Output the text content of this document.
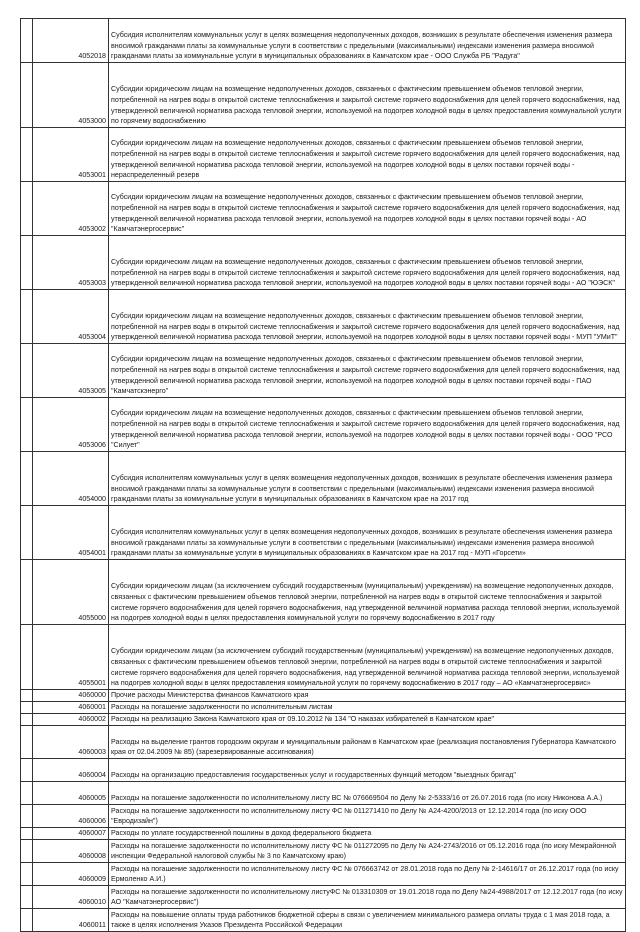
	4052018	Субсидия исполнителям коммунальных услуг в целях возмещения недополученных доходов, возникших в результате обеспечения изменения размера вносимой гражданами платы за коммунальные услуги в соответствии с предельными (максимальными) индексами изменения размера вносимой гражданами платы за коммунальные услуги в муниципальных образованиях в Камчатском крае - ООО Служба РБ "Радуга"
	4053000	Субсидии юридическим лицам на возмещение недополученных доходов, связанных с фактическим превышением объемов тепловой энергии, потребленной на нагрев воды в открытой системе теплоснабжения и закрытой системе горячего водоснабжения для целей горячего водоснабжения, над утвержденной величиной норматива расхода тепловой энергии, используемой на подогрев холодной воды в целях предоставления коммунальной услуги по горячему водоснабжению
	4053001	Субсидии юридическим лицам на возмещение недополученных доходов, связанных с фактическим превышением объемов тепловой энергии, потребленной на нагрев воды в открытой системе теплоснабжения и закрытой системе горячего водоснабжения для целей горячего водоснабжения, над утвержденной величиной норматива расхода тепловой энергии, используемой на подогрев холодной воды в целях поставки горячей воды - нераспределенный резерв
	4053002	Субсидии юридическим лицам на возмещение недополученных доходов, связанных с фактическим превышением объемов тепловой энергии, потребленной на нагрев воды в открытой системе теплоснабжения и закрытой системе горячего водоснабжения для целей горячего водоснабжения, над утвержденной величиной норматива расхода тепловой энергии, используемой на подогрев холодной воды в целях поставки горячей воды - АО "Камчатэнергосервис"
	4053003	Субсидии юридическим лицам на возмещение недополученных доходов, связанных с фактическим превышением объемов тепловой энергии, потребленной на нагрев воды в открытой системе теплоснабжения и закрытой системе горячего водоснабжения для целей горячего водоснабжения, над утвержденной величиной норматива расхода тепловой энергии, используемой на подогрев холодной воды в целях поставки горячей воды - АО "ЮЭСК"
	4053004	Субсидии юридическим лицам на возмещение недополученных доходов, связанных с фактическим превышением объемов тепловой энергии, потребленной на нагрев воды в открытой системе теплоснабжения и закрытой системе горячего водоснабжения для целей горячего водоснабжения, над утвержденной величиной норматива расхода тепловой энергии, используемой на подогрев холодной воды в целях поставки горячей воды - МУП "УМиТ"
	4053005	Субсидии юридическим лицам на возмещение недополученных доходов, связанных с фактическим превышением объемов тепловой энергии, потребленной на нагрев воды в открытой системе теплоснабжения и закрытой системе горячего водоснабжения для целей горячего водоснабжения, над утвержденной величиной норматива расхода тепловой энергии, используемой на подогрев холодной воды в целях поставки горячей воды - ПАО "Камчатскэнерго"
	4053006	Субсидии юридическим лицам на возмещение недополученных доходов, связанных с фактическим превышением объемов тепловой энергии, потребленной на нагрев воды в открытой системе теплоснабжения и закрытой системе горячего водоснабжения для целей горячего водоснабжения, над утвержденной величиной норматива расхода тепловой энергии, используемой на подогрев холодной воды в целях поставки горячей воды - ООО "РСО "Силует"
	4054000	Субсидия исполнителям коммунальных услуг в целях возмещения недополученных доходов, возникших в результате обеспечения изменения размера вносимой гражданами платы за коммунальные услуги в соответствии с предельными (максимальными) индексами изменения размера вносимой гражданами платы за коммунальные услуги в муниципальных образованиях в Камчатском крае на 2017 год
	4054001	Субсидия исполнителям коммунальных услуг в целях возмещения недополученных доходов, возникших в результате обеспечения изменения размера вносимой гражданами платы за коммунальные услуги в соответствии с предельными (максимальными) индексами изменения размера вносимой гражданами платы за коммунальные услуги в муниципальных образованиях в Камчатском крае на 2017 год - МУП «Горсети»
	4055000	Субсидии юридическим лицам (за исключением субсидий государственным (муниципальным) учреждениям) на возмещение недополученных доходов, связанных с фактическим превышением объемов тепловой энергии, потребленной на нагрев воды в открытой системе теплоснабжения и закрытой системе горячего водоснабжения для целей горячего водоснабжения, над утвержденной величиной норматива расхода тепловой энергии, используемой на подогрев холодной воды в целях предоставления коммунальной услуги по горячему водоснабжению в 2017 году
	4055001	Субсидии юридическим лицам (за исключением субсидий государственным (муниципальным) учреждениям) на возмещение недополученных доходов, связанных с фактическим превышением объемов тепловой энергии, потребленной на нагрев воды в открытой системе теплоснабжения и закрытой системе горячего водоснабжения для целей горячего водоснабжения, над утвержденной величиной норматива расхода тепловой энергии, используемой на подогрев холодной воды в целях предоставления коммунальной услуги по горячему водоснабжению в 2017 году – АО «Камчатэнергосервис»
	4060000	Прочие расходы Министерства финансов Камчатского края
	4060001	Расходы на погашение задолженности по исполнительным листам
	4060002	Расходы на реализацию Закона Камчатского края от 09.10.2012 № 134 "О наказах избирателей в Камчатском крае"
	4060003	Расходы на выделение грантов городским округам и муниципальным районам в Камчатском крае (реализация постановления Губернатора Камчатского края от 02.04.2009 № 85) (зарезервированные ассигнования)
	4060004	Расходы на организацию предоставления государственных услуг и государственных функций методом "выездных бригад"
	4060005	Расходы на погашение задолженности по исполнительному листу ВС № 076669504 по Делу № 2-5333/16 от 26.07.2016 года (по иску Никонова А.А.)
	4060006	Расходы на погашение задолженности по исполнительному листу ФС № 011271410 по Делу № А24-4200/2013 от 12.12.2014 года (по иску ООО "Евродизайн")
	4060007	Расходы по уплате государственной пошлины в доход федерального бюджета
	4060008	Расходы на погашение задолженности по исполнительному листу ФС № 011272095 по Делу № А24-2743/2016 от 05.12.2016 года (по иску Межрайонной инспекции Федеральной налоговой службы № 3 по Камчатскому краю)
	4060009	Расходы на погашение задолженности по исполнительному листу ФС № 076663742 от 28.01.2018 года по Делу № 2-14616/17 от 26.12.2017 года (по иску Ермоленко А.И.)
	4060010	Расходы на погашение задолженности по исполнительному листуФС № 013310309 от 19.01.2018 года по Делу №24-4988/2017 от 12.12.2017 года (по иску АО "Камчатэнергосервис")
	4060011	Расходы на повышение оплаты труда работников бюджетной сферы в связи с увеличением минимального размера оплаты труда с 1 мая 2018 года, а также в целях исполнения Указов Президента Российской Федерации
